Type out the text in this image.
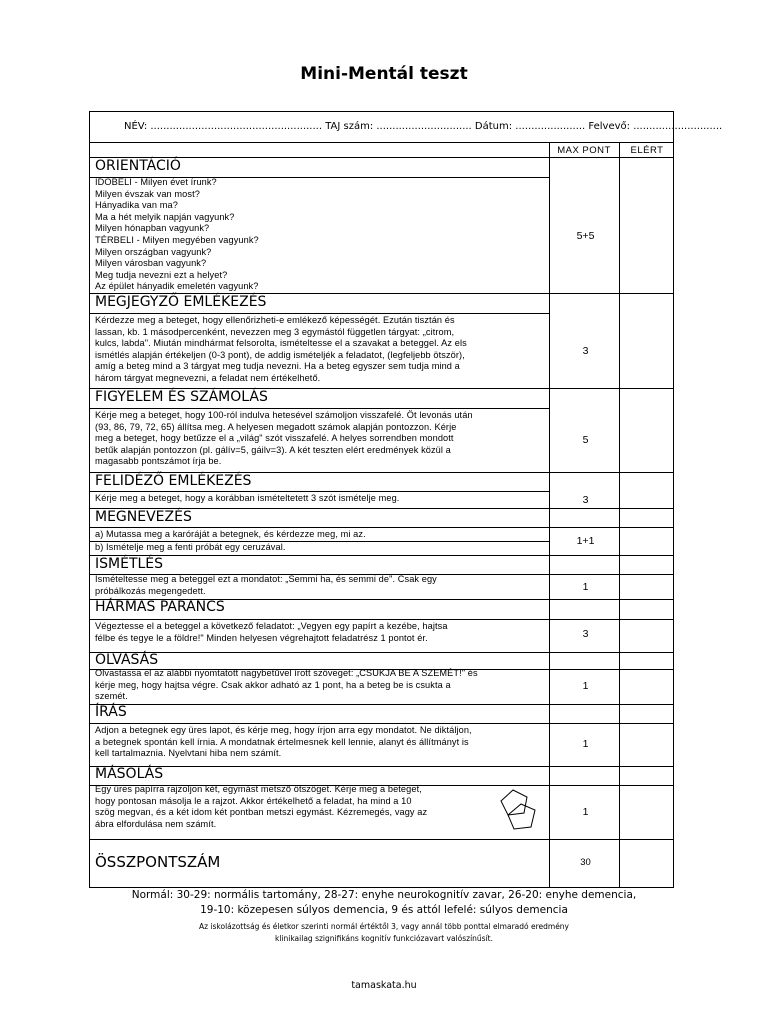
Mini-Mentál teszt
NÉV: ...................................................... TAJ szám: .............................. Dátum: ...................... Felvevő: ............................
MAX PONT	ELÉRT
ORIENTÁCIÓ
IDŐBELI - Milyen évet írunk?
Milyen évszak van most?
Hányadika van ma?
Ma a hét melyik napján vagyunk?
Milyen hónapban vagyunk?
TÉRBELI - Milyen megyében vagyunk?
Milyen országban vagyunk?
Milyen városban vagyunk?
Meg tudja nevezni ezt a helyet?
Az épület hányadik emeletén vagyunk?
5+5
MEGJEGYZŐ EMLÉKEZÉS
Kérdezze meg a beteget, hogy ellenőrizheti-e emlékező képességét. Ezután tisztán és
lassan, kb. 1 másodpercenként, nevezzen meg 3 egymástól független tárgyat: „citrom,
kulcs, labda". Miután mindhármat felsorolta, ismételtesse el a szavakat a beteggel. Az els
ismétlés alapján értékeljen (0-3 pont), de addig ismételjék a feladatot, (legfeljebb ötször),
amíg a beteg mind a 3 tárgyat meg tudja nevezni. Ha a beteg egyszer sem tudja mind a
három tárgyat megnevezni, a feladat nem értékelhető.
3
FIGYELEM ÉS SZÁMOLÁS
Kérje meg a beteget, hogy 100-ról indulva hetesével számoljon visszafelé. Öt levonás után
(93, 86, 79, 72, 65) állítsa meg. A helyesen megadott számok alapján pontozzon. Kérje
meg a beteget, hogy betűzze el a „világ" szót visszafelé. A helyes sorrendben mondott
betűk alapján pontozzon (pl. gálív=5, gáilv=3). A két teszten elért eredmények közül a
magasabb pontszámot írja be.
5
FELIDÉZŐ EMLÉKEZÉS
Kérje meg a beteget, hogy a korábban ismételtetett 3 szót ismételje meg.	3
MEGNEVEZÉS
a) Mutassa meg a karóráját a betegnek, és kérdezze meg, mi az.
b) Ismételje meg a fenti próbát egy ceruzával.	1+1
ISMÉTLÉS
Ismételtesse meg a beteggel ezt a mondatot: „Semmi ha, és semmi de". Csak egy
próbálkozás megengedett.	1
HÁRMAS PARANCS
Végeztesse el a beteggel a következő feladatot: „Vegyen egy papírt a kezébe, hajtsa
félbe és tegye le a földre!" Minden helyesen végrehajtott feladatrész 1 pontot ér.	3
OLVASÁS
Olvastassa el az alábbi nyomtatott nagybetűvel írott szöveget: „CSUKJA BE A SZEMÉT!" és
kérje meg, hogy hajtsa végre. Csak akkor adható az 1 pont, ha a beteg be is csukta a
szemét.
1
ÍRÁS
Adjon a betegnek egy üres lapot, és kérje meg, hogy írjon arra egy mondatot. Ne diktáljon,
a betegnek spontán kell írnia. A mondatnak értelmesnek kell lennie, alanyt és állítmányt is
kell tartalmaznia. Nyelvtani hiba nem számít.
1
MÁSOLÁS
Egy üres papírra rajzoljon két, egymást metsző ötszöget. Kérje meg a beteget,
hogy pontosan másolja le a rajzot. Akkor értékelhető a feladat, ha mind a 10
szög megvan, és a két idom két pontban metszi egymást. Kézremegés, vagy az
ábra elfordulása nem számít.
1
ÖSSZPONTSZÁM	30
Normál: 30-29: normális tartomány, 28-27: enyhe neurokognitív zavar, 26-20: enyhe demencia,
19-10: közepesen súlyos demencia, 9 és attól lefelé: súlyos demencia
Az iskolázottság és életkor szerinti normál értéktől 3, vagy annál több ponttal elmaradó eredmény
klinikailag szignifikáns kognitív funkciózavart valószínűsít.
tamaskata.hu
